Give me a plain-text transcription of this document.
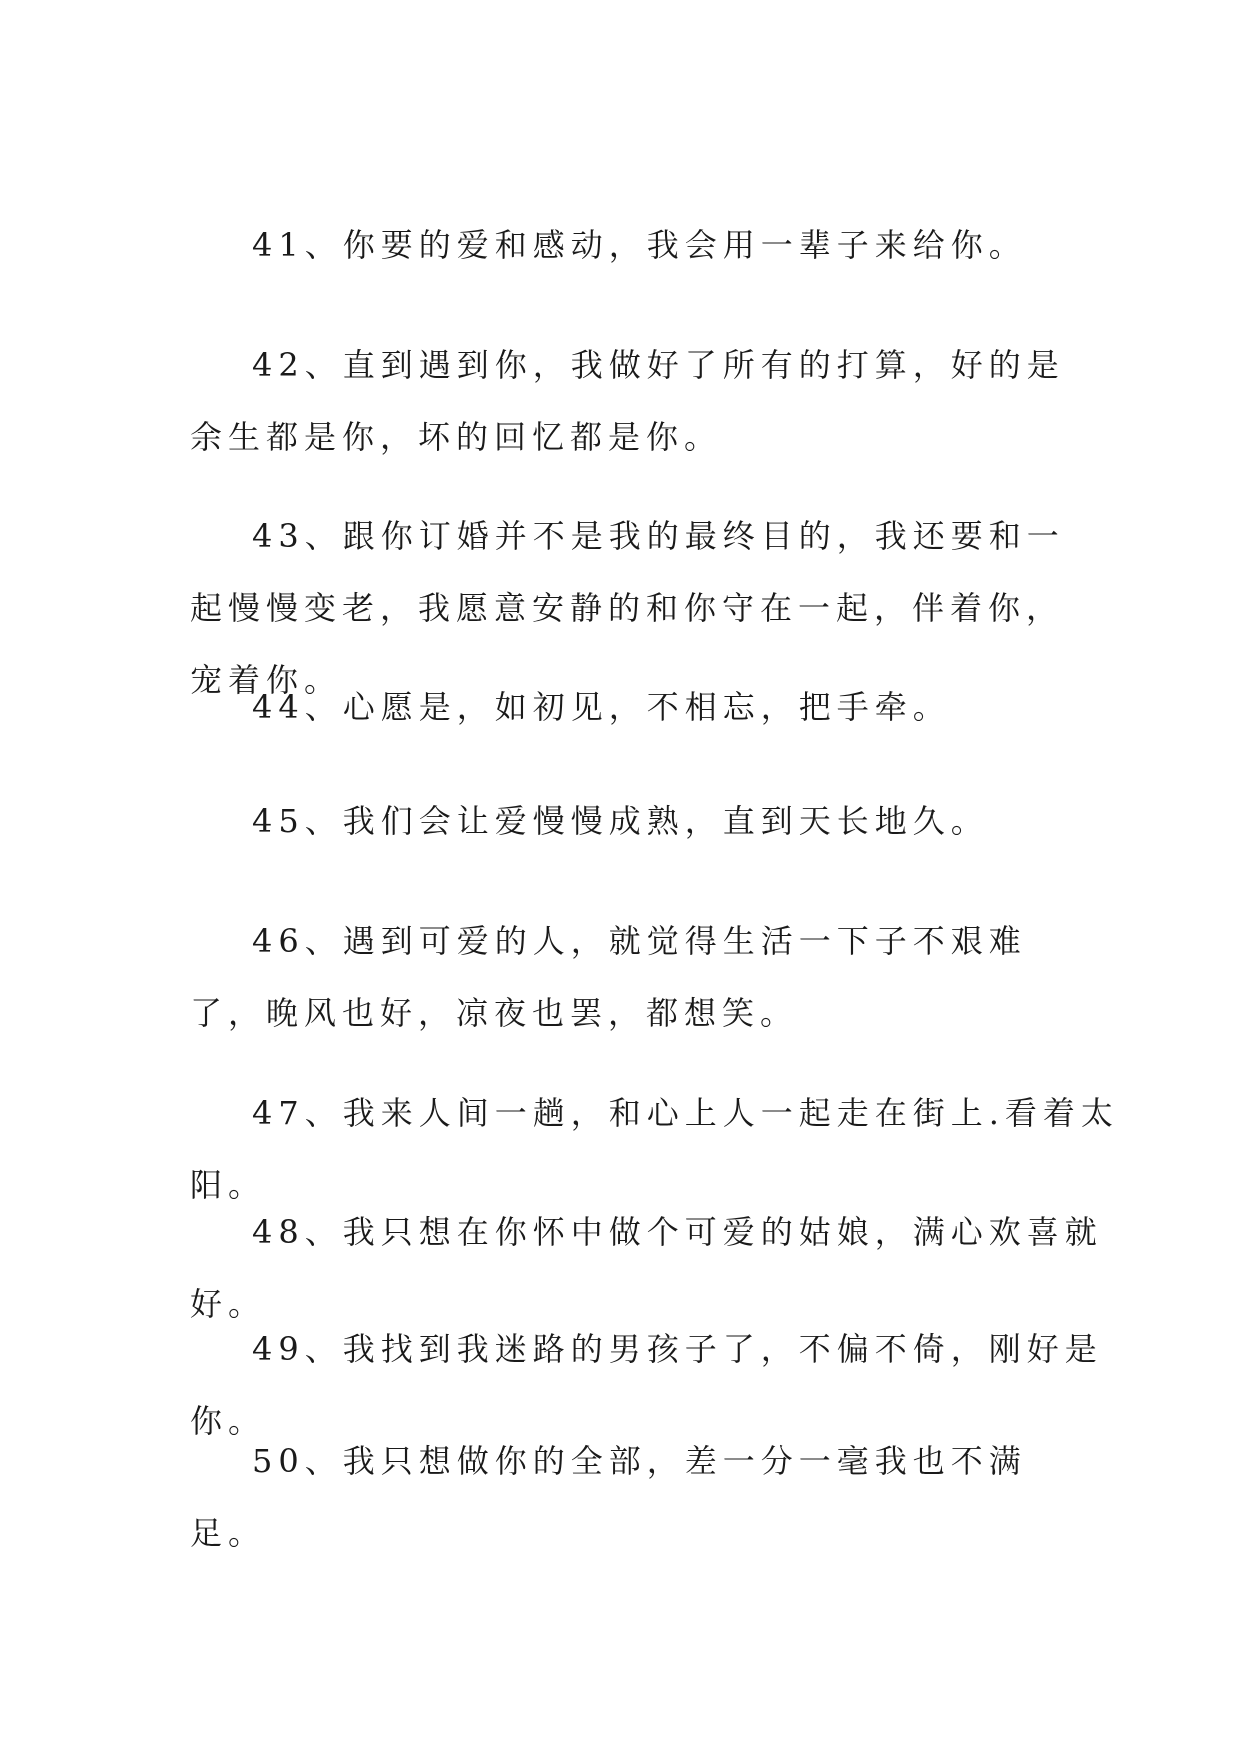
41、你要的爱和感动，我会用一辈子来给你。

42、直到遇到你，我做好了所有的打算，好的是余生都是你，坏的回忆都是你。

43、跟你订婚并不是我的最终目的，我还要和一起慢慢变老，我愿意安静的和你守在一起，伴着你，宠着你。

44、心愿是，如初见，不相忘，把手牵。

45、我们会让爱慢慢成熟，直到天长地久。

46、遇到可爱的人，就觉得生活一下子不艰难了，晚风也好，凉夜也罢，都想笑。

47、我来人间一趟，和心上人一起走在街上.看着太阳。

48、我只想在你怀中做个可爱的姑娘，满心欢喜就好。

49、我找到我迷路的男孩子了，不偏不倚，刚好是你。

50、我只想做你的全部，差一分一毫我也不满足。
